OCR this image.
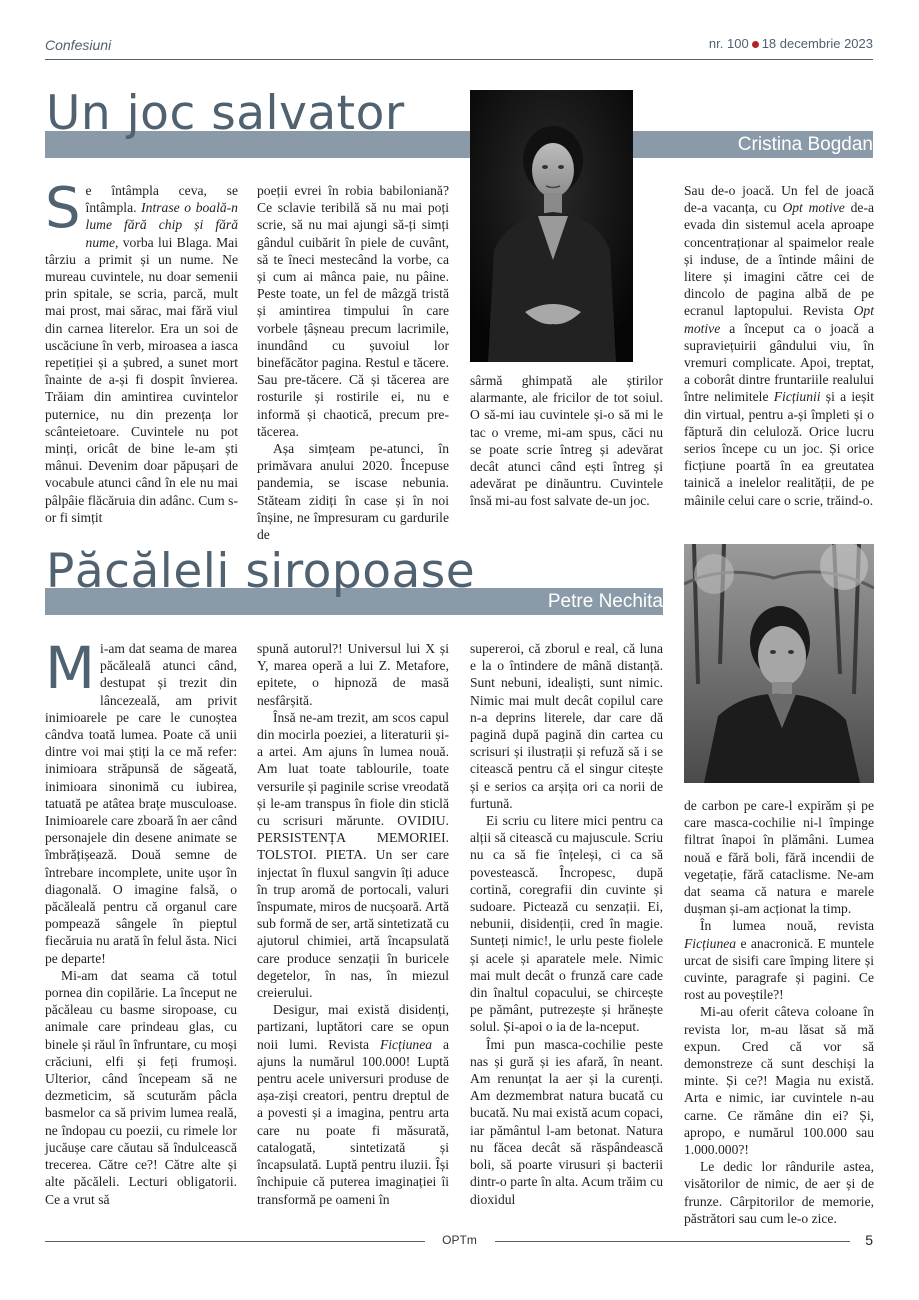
Confesiuni	nr. 100 18 decembrie 2023
Un joc salvator
Cristina Bogdan

Se întâmpla ceva, se întâmpla. Intrase o boală-n lume fără chip și fără nume, vorba lui Blaga. Mai târziu a primit și un nume. Ne mureau cuvintele, nu doar semenii prin spitale, se scria, parcă, mult mai prost, mai sărac, mai fără viul din carnea literelor. Era un soi de uscăciune în verb, miroasea a iasca repetiției și a șubred, a sunet mort înainte de a-și fi dospit învierea. Trăiam din amintirea cuvintelor puternice, nu din prezența lor scânteietoare. Cuvintele nu pot minți, oricât de bine le-am ști mânui. Devenim doar păpușari de vocabule atunci când în ele nu mai pâlpâie flăcăruia din adânc. Cum s-or fi simțit

poeții evrei în robia babiloniană? Ce sclavie teribilă să nu mai poți scrie, să nu mai ajungi să-ți simți gândul cuibărit în piele de cuvânt, să te îneci mestecând la vorbe, ca și cum ai mânca paie, nu pâine. Peste toate, un fel de mâzgă tristă și amintirea timpului în care vorbele țâșneau precum lacrimile, inundând cu șuvoiul lor binefăcător pagina. Restul e tăcere. Sau pre-tăcere. Că și tăcerea are rosturile și rostirile ei, nu e informă și chaotică, precum pre-tăcerea.

Așa simțeam pe-atunci, în primăvara anului 2020. Începuse pandemia, se iscase nebunia. Stăteam zidiți în case și în noi înșine, ne împresuram cu gardurile de

sârmă ghimpată ale știrilor alarmante, ale fricilor de tot soiul. O să-mi iau cuvintele și-o să mi le tac o vreme, mi-am spus, căci nu se poate scrie întreg și adevărat decât atunci când ești întreg și adevărat pe dinăuntru. Cuvintele însă mi-au fost salvate de-un joc.

Sau de-o joacă. Un fel de joacă de-a vacanța, cu Opt motive de-a evada din sistemul acela aproape concentraționar al spaimelor reale și induse, de a întinde mâini de litere și imagini către cei de dincolo de pagina albă de pe ecranul laptopului. Revista Opt motive a început ca o joacă a supraviețuirii gândului viu, în vremuri complicate. Apoi, treptat, a coborât dintre fruntariile realului între nelimitele Ficțiunii și a ieșit din virtual, pentru a-și împleti și o făptură din celuloză. Orice lucru serios începe cu un joc. Și orice ficțiune poartă în ea greutatea tainică a inelelor realității, de pe mâinile celui care o scrie, trăind-o.

Păcăleli siropoase
Petre Nechita

Mi-am dat seama de marea păcăleală atunci când, destupat și trezit din lâncezeală, am privit inimioarele pe care le cunoștea cândva toată lumea. Poate că unii dintre voi mai știți la ce mă refer: inimioara străpunsă de săgeată, inimioara sinonimă cu iubirea, tatuată pe atâtea brațe musculoase. Inimioarele care zboară în aer când personajele din desene animate se îmbrățișează. Două semne de întrebare incomplete, unite ușor în diagonală. O imagine falsă, o păcăleală pentru că organul care pompează sângele în pieptul fiecăruia nu arată în felul ăsta. Nici pe departe!

Mi-am dat seama că totul pornea din copilărie. La început ne păcăleau cu basme siropoase, cu animale care prindeau glas, cu binele și răul în înfruntare, cu moși crăciuni, elfi și feți frumoși. Ulterior, când începeam să ne dezmeticim, să scuturăm pâcla basmelor ca să privim lumea reală, ne îndopau cu poezii, cu rimele lor jucăușe care căutau să îndulcească trecerea. Către ce?! Către alte și alte păcăleli. Lecturi obligatorii. Ce a vrut să

spună autorul?! Universul lui X și Y, marea operă a lui Z. Metafore, epitete, o hipnoză de masă nesfârșită.

Însă ne-am trezit, am scos capul din mocirla poeziei, a literaturii și-a artei. Am ajuns în lumea nouă. Am luat toate tablourile, toate versurile și paginile scrise vreodată și le-am transpus în fiole din sticlă cu scrisuri mărunte. OVIDIU. PERSISTENȚA MEMORIEI. TOLSTOI. PIETA. Un ser care injectat în fluxul sangvin îți aduce în trup aromă de portocali, valuri înspumate, miros de nucșoară. Artă sub formă de ser, artă sintetizată cu ajutorul chimiei, artă încapsulată care produce senzații în buricele degetelor, în nas, în miezul creierului.

Desigur, mai există disidenți, partizani, luptători care se opun noii lumi. Revista Ficțiunea a ajuns la numărul 100.000! Luptă pentru acele universuri produse de așa-ziși creatori, pentru dreptul de a povesti și a imagina, pentru arta care nu poate fi măsurată, catalogată, sintetizată și încapsulată. Luptă pentru iluzii. Își închipuie că puterea imaginației îi transformă pe oameni în

supereroi, că zborul e real, că luna e la o întindere de mână distanță. Sunt nebuni, idealiști, sunt nimic. Nimic mai mult decât copilul care n-a deprins literele, dar care dă pagină după pagină din cartea cu scrisuri și ilustrații și refuză să i se citească pentru că el singur citește și e serios ca arșița ori ca norii de furtună.

Ei scriu cu litere mici pentru ca alții să citească cu majuscule. Scriu nu ca să fie înțeleși, ci ca să povestească. Încropesc, după cortină, coregrafii din cuvinte și sudoare. Pictează cu senzații. Ei, nebunii, disidenții, cred în magie. Sunteți nimic!, le urlu peste fiolele și acele și aparatele mele. Nimic mai mult decât o frunză care cade din înaltul copacului, se chircește pe pământ, putrezește și hrănește solul. Și-apoi o ia de la-nceput.

Îmi pun masca-cochilie peste nas și gură și ies afară, în neant. Am renunțat la aer și la curenți. Am dezmembrat natura bucată cu bucată. Nu mai există acum copaci, iar pământul l-am betonat. Natura nu făcea decât să răspândească boli, să poarte virusuri și bacterii dintr-o parte în alta. Acum trăim cu dioxidul

de carbon pe care-l expirăm și pe care masca-cochilie ni-l împinge filtrat înapoi în plămâni. Lumea nouă e fără boli, fără incendii de vegetație, fără cataclisme. Ne-am dat seama că natura e marele dușman și-am acționat la timp.

În lumea nouă, revista Ficțiunea e anacronică. E muntele urcat de sisifi care împing litere și cuvinte, paragrafe și pagini. Ce rost au poveștile?!

Mi-au oferit câteva coloane în revista lor, m-au lăsat să mă expun. Cred că vor să demonstreze că sunt deschiși la minte. Și ce?! Magia nu există. Arta e nimic, iar cuvintele n-au carne. Ce rămâne din ei? Și, apropo, e numărul 100.000 sau 1.000.000?!

Le dedic lor rândurile astea, visătorilor de nimic, de aer și de frunze. Cârpitorilor de memorie, păstrători sau cum le-o zice.

OPTm	5
